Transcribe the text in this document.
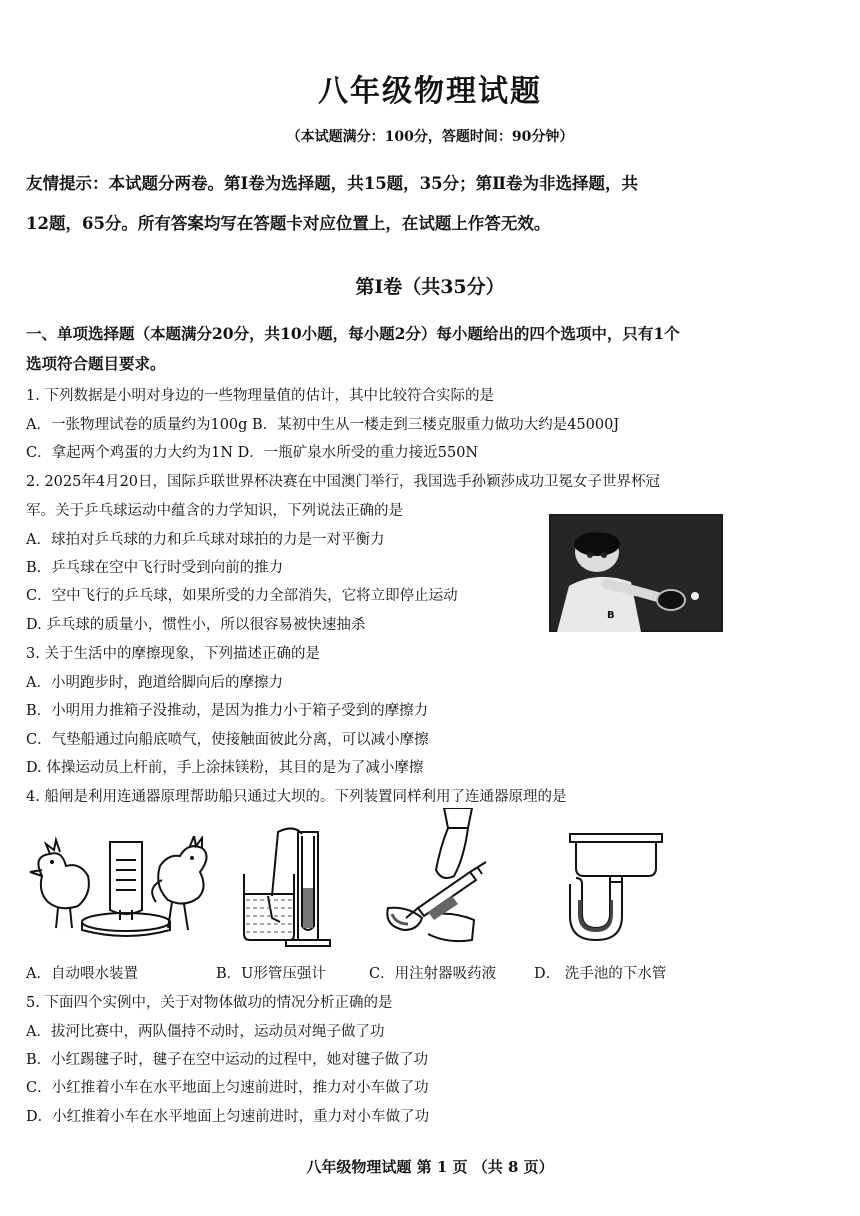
八年级物理试题
（本试题满分：100分，答题时间：90分钟）
友情提示：本试题分两卷。第Ⅰ卷为选择题，共15题，35分；第Ⅱ卷为非选择题，共
12题，65分。所有答案均写在答题卡对应位置上，在试题上作答无效。
第Ⅰ卷（共35分）
一、单项选择题（本题满分20分，共10小题，每小题2分）每小题给出的四个选项中，只有1个
选项符合题目要求。
1. 下列数据是小明对身边的一些物理量值的估计，其中比较符合实际的是
A．一张物理试卷的质量约为100g B．某初中生从一楼走到三楼克服重力做功大约是45000J
C．拿起两个鸡蛋的力大约为1N D．一瓶矿泉水所受的重力接近550N
2. 2025年4月20日，国际乒联世界杯决赛在中国澳门举行，我国选手孙颖莎成功卫冕女子世界杯冠
军。关于乒乓球运动中蕴含的力学知识，下列说法正确的是
A．球拍对乒乓球的力和乒乓球对球拍的力是一对平衡力
B．乒乓球在空中飞行时受到向前的推力
C．空中飞行的乒乓球，如果所受的力全部消失，它将立即停止运动
D. 乒乓球的质量小，惯性小，所以很容易被快速抽杀
B
3. 关于生活中的摩擦现象，下列描述正确的是
A．小明跑步时，跑道给脚向后的摩擦力
B．小明用力推箱子没推动，是因为推力小于箱子受到的摩擦力
C．气垫船通过向船底喷气，使接触面彼此分离，可以减小摩擦
D. 体操运动员上杆前，手上涂抹镁粉，其目的是为了减小摩擦
4. 船闸是利用连通器原理帮助船只通过大坝的。下列装置同样利用了连通器原理的是
A．自动喂水装置	B．U形管压强计	C．用注射器吸药液	D． 洗手池的下水管
5. 下面四个实例中，关于对物体做功的情况分析正确的是
A．拔河比赛中，两队僵持不动时，运动员对绳子做了功
B．小红踢毽子时，毽子在空中运动的过程中，她对毽子做了功
C．小红推着小车在水平地面上匀速前进时，推力对小车做了功
D．小红推着小车在水平地面上匀速前进时，重力对小车做了功
八年级物理试题 第 1 页 （共 8 页）
